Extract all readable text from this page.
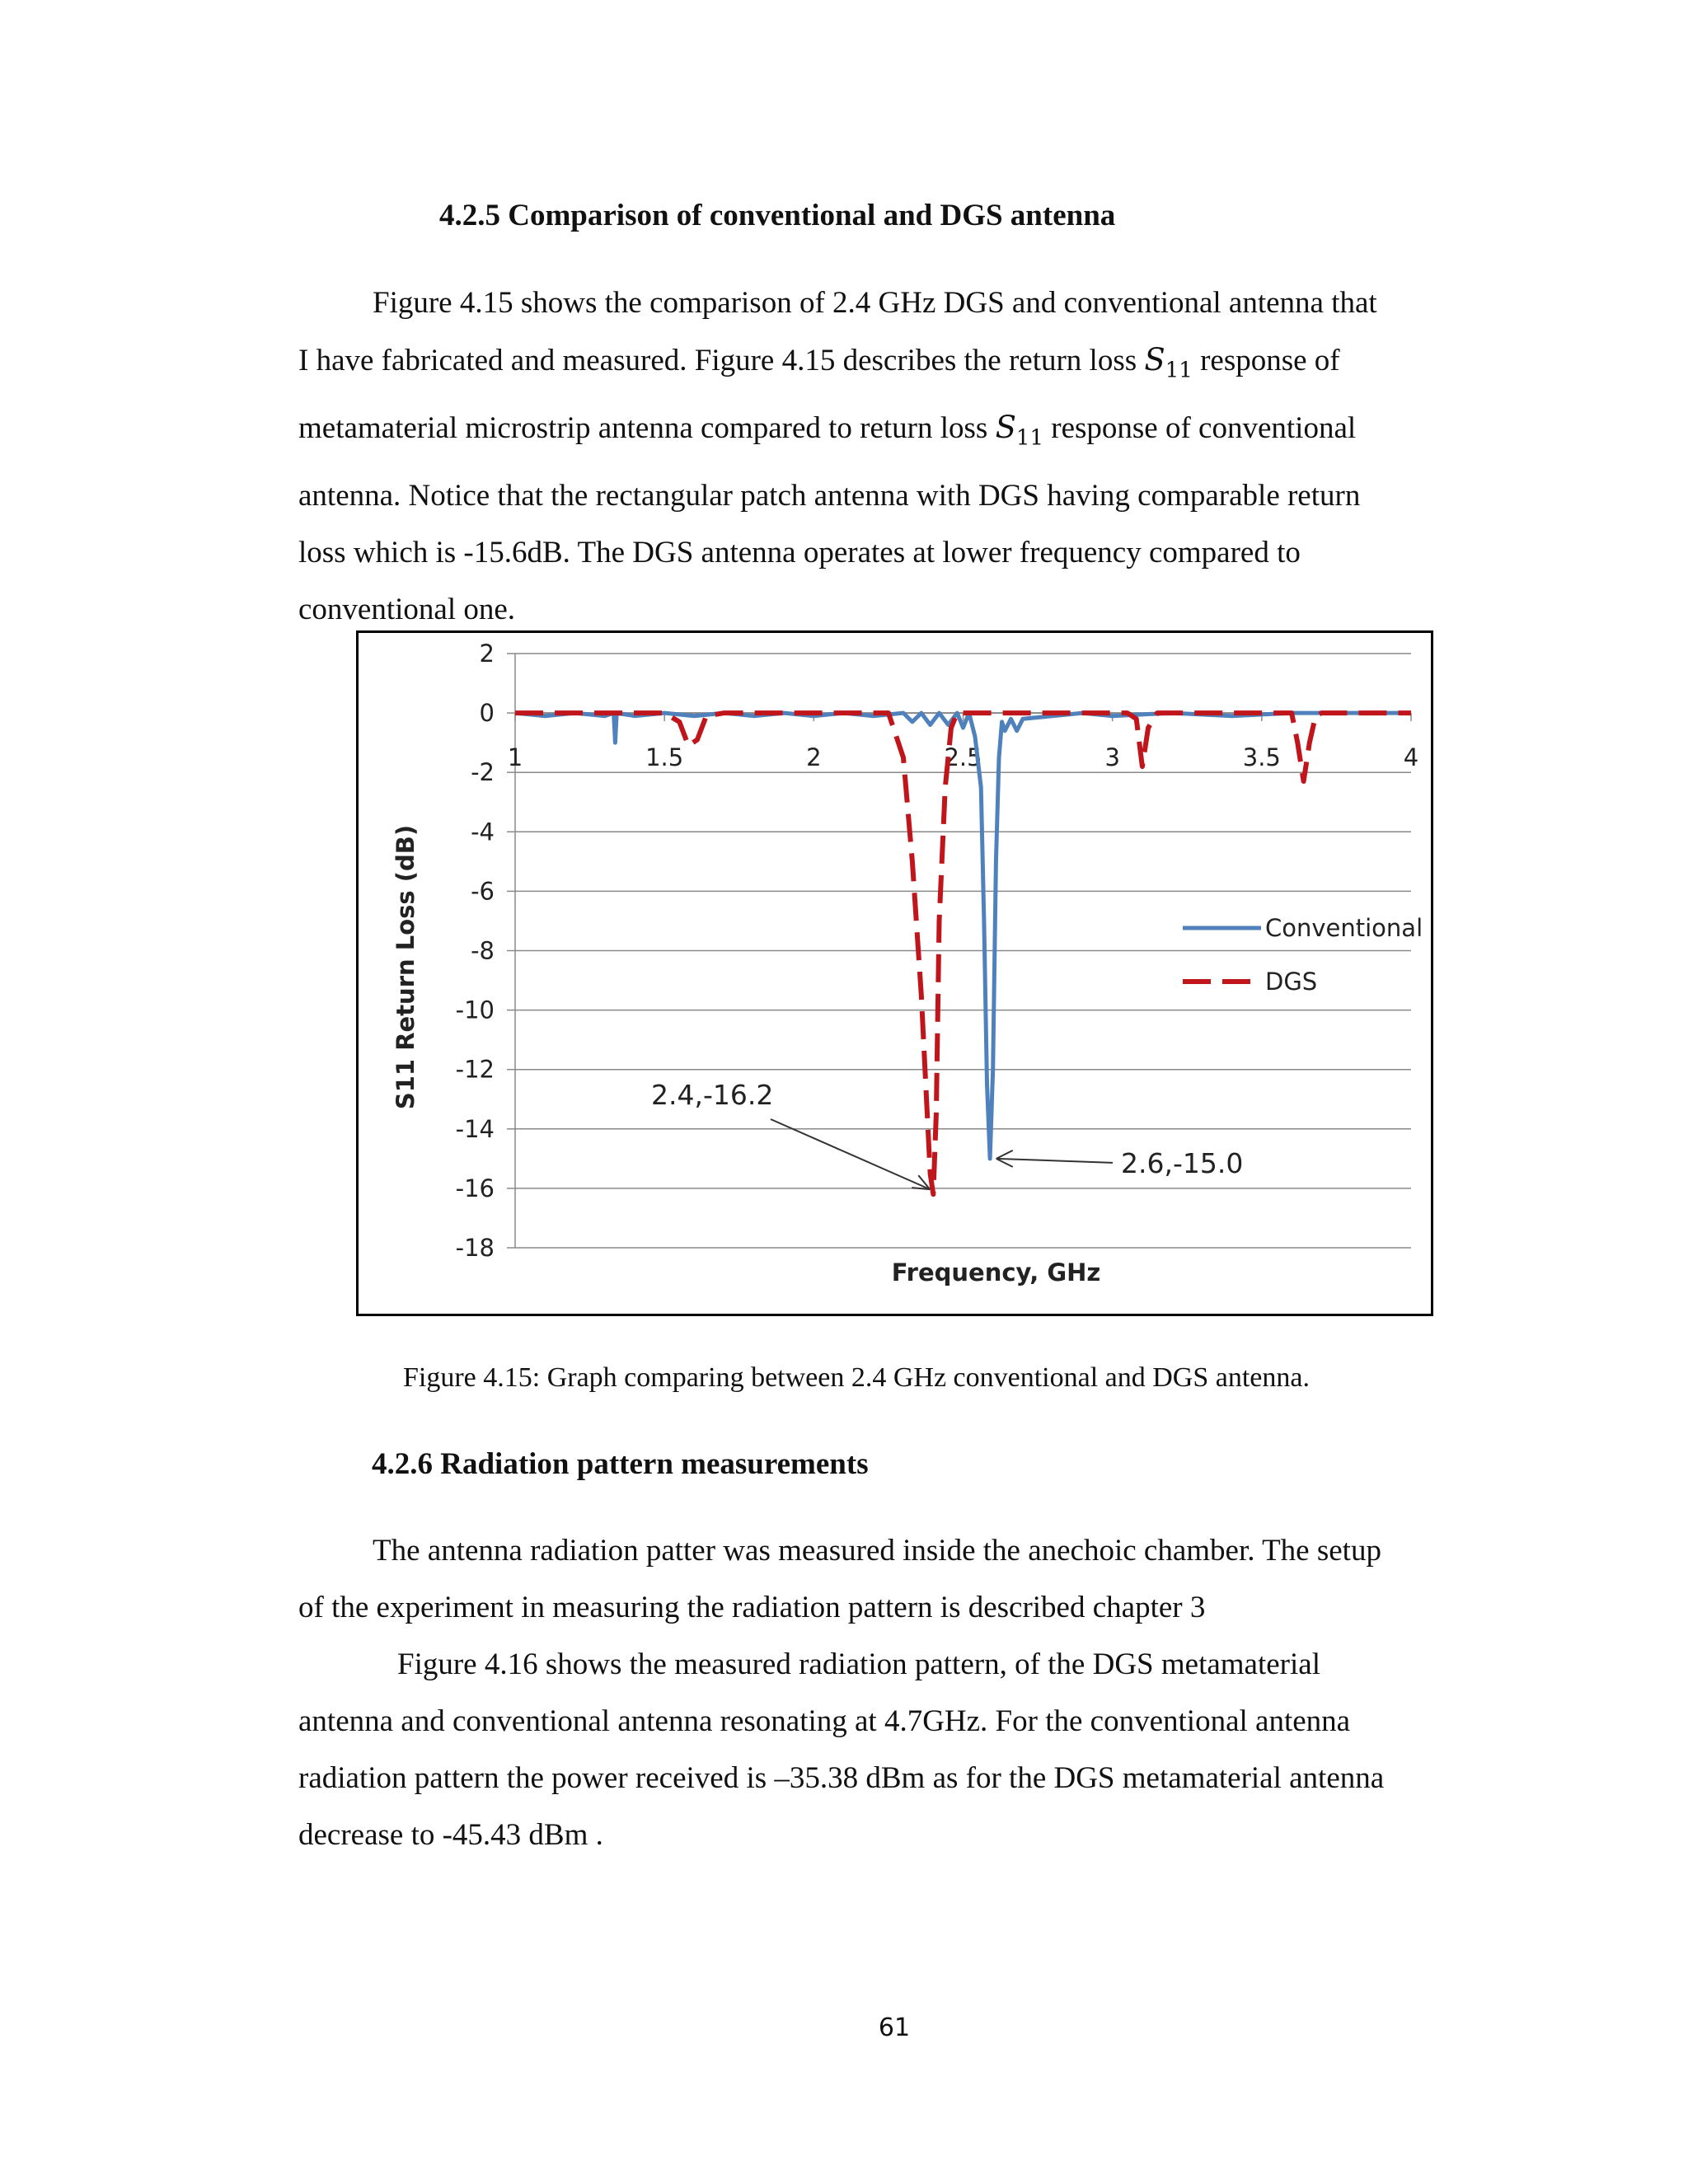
4.2.5 Comparison of conventional and DGS antenna

Figure 4.15 shows the comparison of 2.4 GHz DGS and conventional antenna that

I have fabricated and measured. Figure 4.15 describes the return loss $S_{11}$ response of

metamaterial microstrip antenna compared to return loss $S_{11}$ response of conventional

antenna. Notice that the rectangular patch antenna with DGS having comparable return

loss which is -15.6dB. The DGS antenna operates at lower frequency compared to

conventional one.

2
0
-2
-4
-6
-8
-10
-12
-14
-16
-18
1	1.5	2	2.5	3	3.5	4
Frequency, GHz
S11 Return Loss (dB)	Conventional
DGS
2.4,-16.2
2.6,-15.0
Figure 4.15: Graph comparing between 2.4 GHz conventional and DGS antenna.
4.2.6 Radiation pattern measurements

The antenna radiation patter was measured inside the anechoic chamber. The setup

of the experiment in measuring the radiation pattern is described chapter 3

Figure 4.16 shows the measured radiation pattern, of the DGS metamaterial

antenna and conventional antenna resonating at 4.7GHz. For the conventional antenna

radiation pattern the power received is –35.38 dBm as for the DGS metamaterial antenna

decrease to -45.43 dBm .

61
